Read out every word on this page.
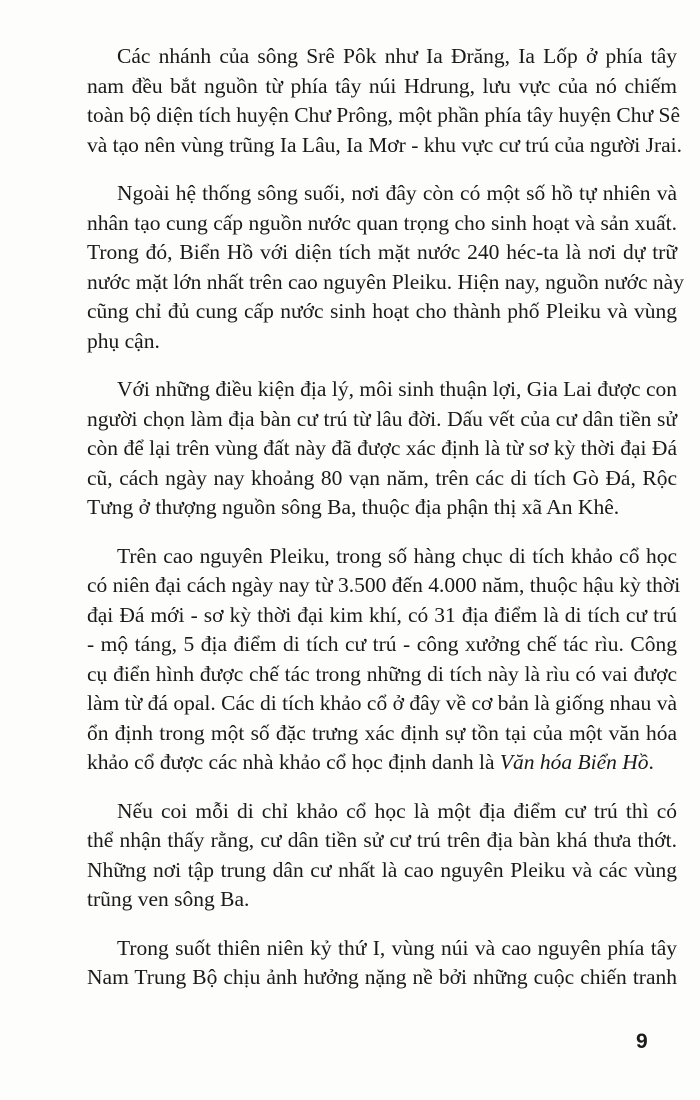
Các nhánh của sông Srê Pôk như Ia Đrăng, Ia Lốp ở phía tây
nam đều bắt nguồn từ phía tây núi Hdrung, lưu vực của nó chiếm
toàn bộ diện tích huyện Chư Prông, một phần phía tây huyện Chư Sê
và tạo nên vùng trũng Ia Lâu, Ia Mơr - khu vực cư trú của người Jrai.
Ngoài hệ thống sông suối, nơi đây còn có một số hồ tự nhiên và
nhân tạo cung cấp nguồn nước quan trọng cho sinh hoạt và sản xuất.
Trong đó, Biển Hồ với diện tích mặt nước 240 héc-ta là nơi dự trữ
nước mặt lớn nhất trên cao nguyên Pleiku. Hiện nay, nguồn nước này
cũng chỉ đủ cung cấp nước sinh hoạt cho thành phố Pleiku và vùng
phụ cận.
Với những điều kiện địa lý, môi sinh thuận lợi, Gia Lai được con
người chọn làm địa bàn cư trú từ lâu đời. Dấu vết của cư dân tiền sử
còn để lại trên vùng đất này đã được xác định là từ sơ kỳ thời đại Đá
cũ, cách ngày nay khoảng 80 vạn năm, trên các di tích Gò Đá, Rộc
Tưng ở thượng nguồn sông Ba, thuộc địa phận thị xã An Khê.
Trên cao nguyên Pleiku, trong số hàng chục di tích khảo cổ học
có niên đại cách ngày nay từ 3.500 đến 4.000 năm, thuộc hậu kỳ thời
đại Đá mới - sơ kỳ thời đại kim khí, có 31 địa điểm là di tích cư trú
- mộ táng, 5 địa điểm di tích cư trú - công xưởng chế tác rìu. Công
cụ điển hình được chế tác trong những di tích này là rìu có vai được
làm từ đá opal. Các di tích khảo cổ ở đây về cơ bản là giống nhau và
ổn định trong một số đặc trưng xác định sự tồn tại của một văn hóa
khảo cổ được các nhà khảo cổ học định danh là Văn hóa Biển Hồ.
Nếu coi mỗi di chỉ khảo cổ học là một địa điểm cư trú thì có
thể nhận thấy rằng, cư dân tiền sử cư trú trên địa bàn khá thưa thớt.
Những nơi tập trung dân cư nhất là cao nguyên Pleiku và các vùng
trũng ven sông Ba.
Trong suốt thiên niên kỷ thứ I, vùng núi và cao nguyên phía tây
Nam Trung Bộ chịu ảnh hưởng nặng nề bởi những cuộc chiến tranh
9
